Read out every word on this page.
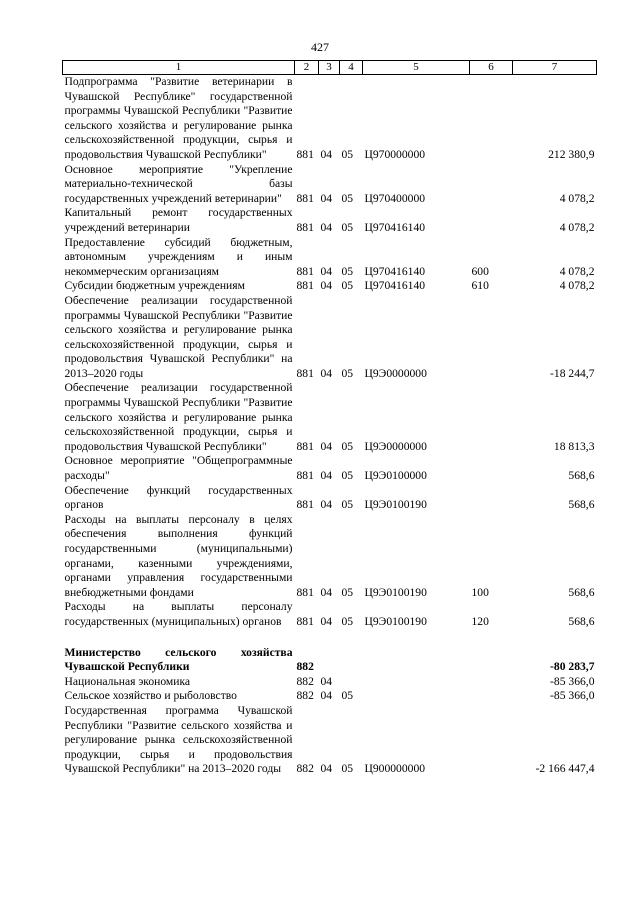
427
1	2	3	4	5	6	7
Подпрограмма "Развитие ветеринарии в Чувашской Республике" государственной программы Чувашской Республики "Развитие сельского хозяйства и регулирование рынка сельскохозяйственной продукции, сырья и продовольствия Чувашской Республики"	881	04	05	Ц970000000		212 380,9
Основное мероприятие "Укрепление материально-технической базы государственных учреждений ветеринарии"	881	04	05	Ц970400000		4 078,2
Капитальный ремонт государственных учреждений ветеринарии	881	04	05	Ц970416140		4 078,2
Предоставление субсидий бюджетным, автономным учреждениям и иным некоммерческим организациям	881	04	05	Ц970416140	600	4 078,2
Субсидии бюджетным учреждениям	881	04	05	Ц970416140	610	4 078,2
Обеспечение реализации государственной программы Чувашской Республики "Развитие сельского хозяйства и регулирование рынка сельскохозяйственной продукции, сырья и продовольствия Чувашской Республики" на 2013–2020 годы	881	04	05	Ц9Э0000000		-18 244,7
Обеспечение реализации государственной программы Чувашской Республики "Развитие сельского хозяйства и регулирование рынка сельскохозяйственной продукции, сырья и продовольствия Чувашской Республики"	881	04	05	Ц9Э0000000		18 813,3
Основное мероприятие "Общепрограммные расходы"	881	04	05	Ц9Э0100000		568,6
Обеспечение функций государственных органов	881	04	05	Ц9Э0100190		568,6
Расходы на выплаты персоналу в целях обеспечения выполнения функций государственными (муниципальными) органами, казенными учреждениями, органами управления государственными внебюджетными фондами	881	04	05	Ц9Э0100190	100	568,6
Расходы на выплаты персоналу государственных (муниципальных) органов	881	04	05	Ц9Э0100190	120	568,6

Министерство сельского хозяйства Чувашской Республики	882					-80 283,7
Национальная экономика	882	04				-85 366,0
Сельское хозяйство и рыболовство	882	04	05			-85 366,0
Государственная программа Чувашской Республики "Развитие сельского хозяйства и регулирование рынка сельскохозяйственной продукции, сырья и продовольствия Чувашской Республики" на 2013–2020 годы	882	04	05	Ц900000000		-2 166 447,4
